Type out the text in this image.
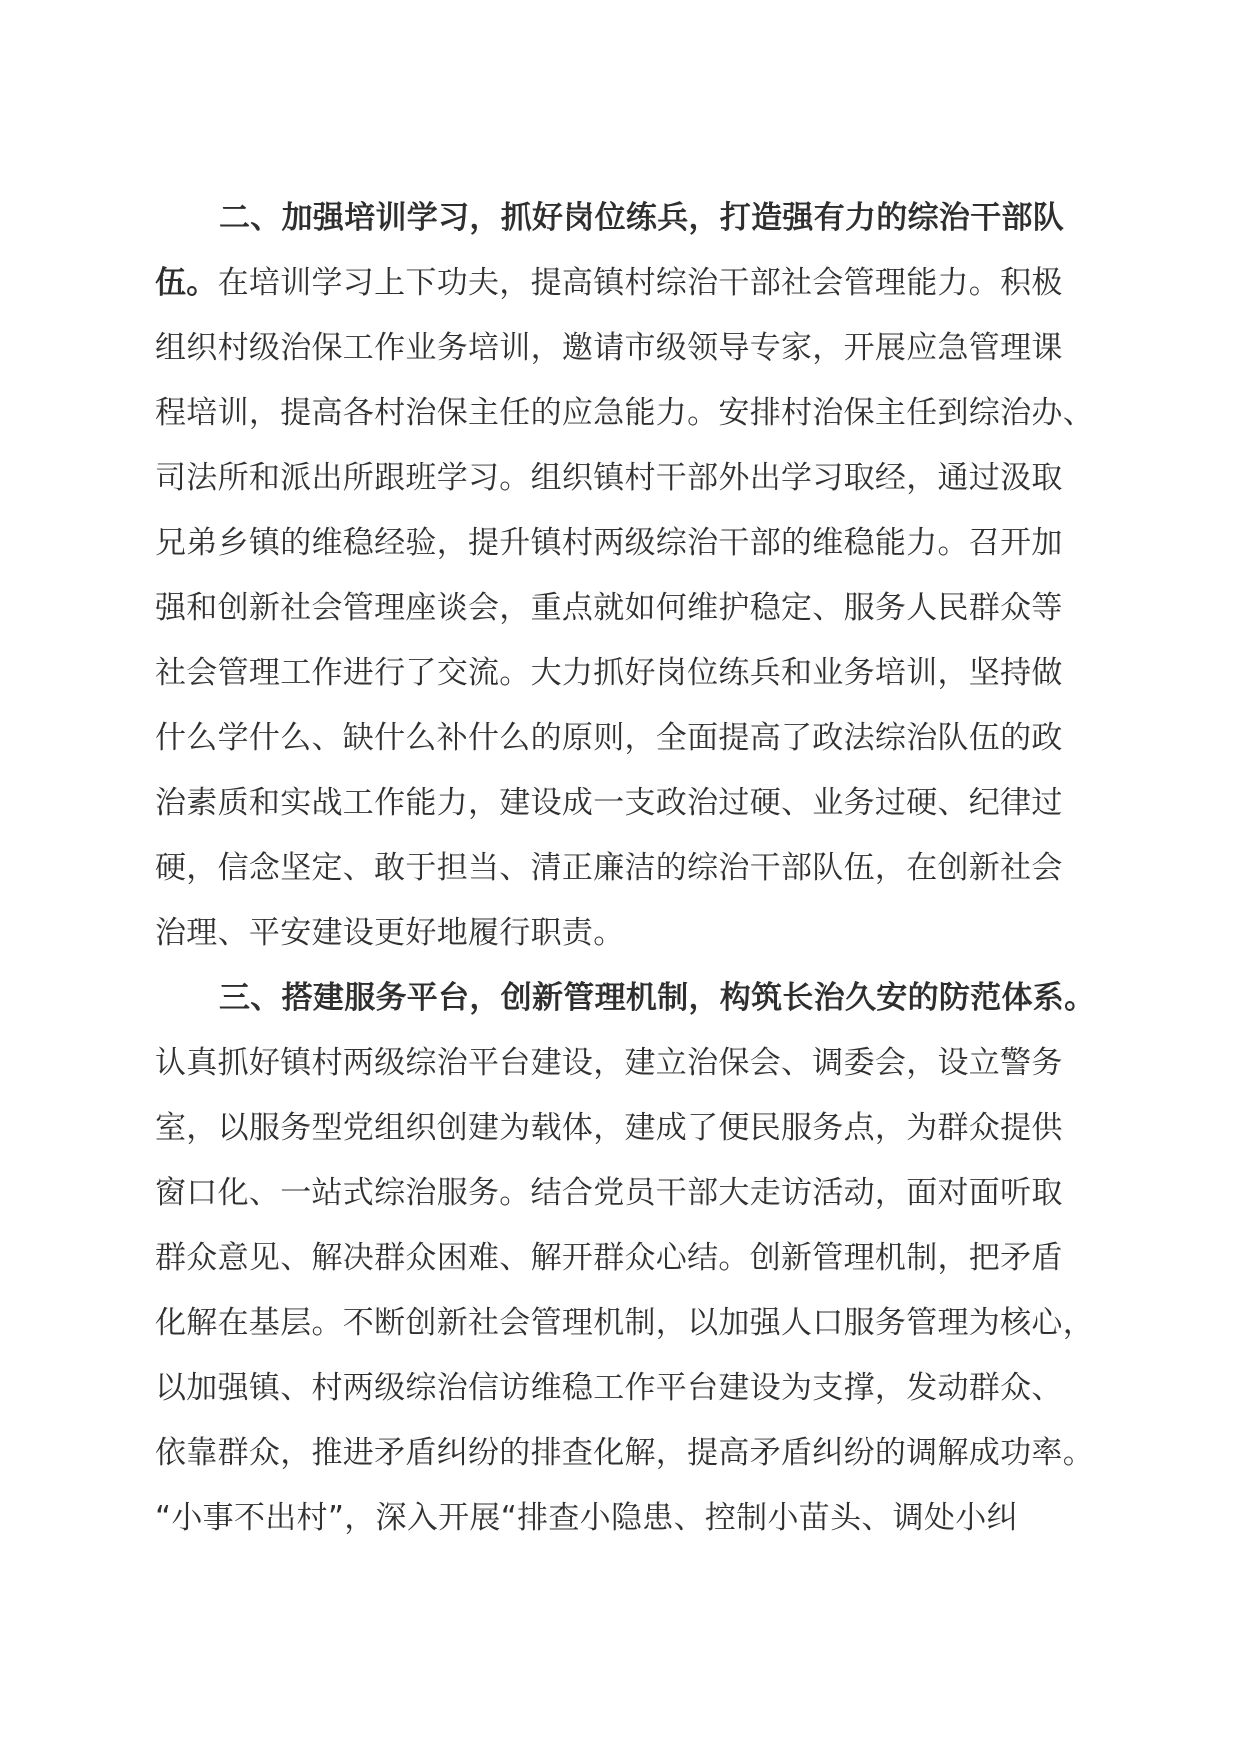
二、加强培训学习，抓好岗位练兵，打造强有力的综治干部队
伍。在培训学习上下功夫，提高镇村综治干部社会管理能力。积极
组织村级治保工作业务培训，邀请市级领导专家，开展应急管理课
程培训，提高各村治保主任的应急能力。安排村治保主任到综治办、
司法所和派出所跟班学习。组织镇村干部外出学习取经，通过汲取
兄弟乡镇的维稳经验，提升镇村两级综治干部的维稳能力。召开加
强和创新社会管理座谈会，重点就如何维护稳定、服务人民群众等
社会管理工作进行了交流。大力抓好岗位练兵和业务培训，坚持做
什么学什么、缺什么补什么的原则，全面提高了政法综治队伍的政
治素质和实战工作能力，建设成一支政治过硬、业务过硬、纪律过
硬，信念坚定、敢于担当、清正廉洁的综治干部队伍，在创新社会
治理、平安建设更好地履行职责。
三、搭建服务平台，创新管理机制，构筑长治久安的防范体系。
认真抓好镇村两级综治平台建设，建立治保会、调委会，设立警务
室，以服务型党组织创建为载体，建成了便民服务点，为群众提供
窗口化、一站式综治服务。结合党员干部大走访活动，面对面听取
群众意见、解决群众困难、解开群众心结。创新管理机制，把矛盾
化解在基层。不断创新社会管理机制，以加强人口服务管理为核心，
以加强镇、村两级综治信访维稳工作平台建设为支撑，发动群众、
依靠群众，推进矛盾纠纷的排查化解，提高矛盾纠纷的调解成功率。
“小事不出村”，深入开展“排查小隐患、控制小苗头、调处小纠
